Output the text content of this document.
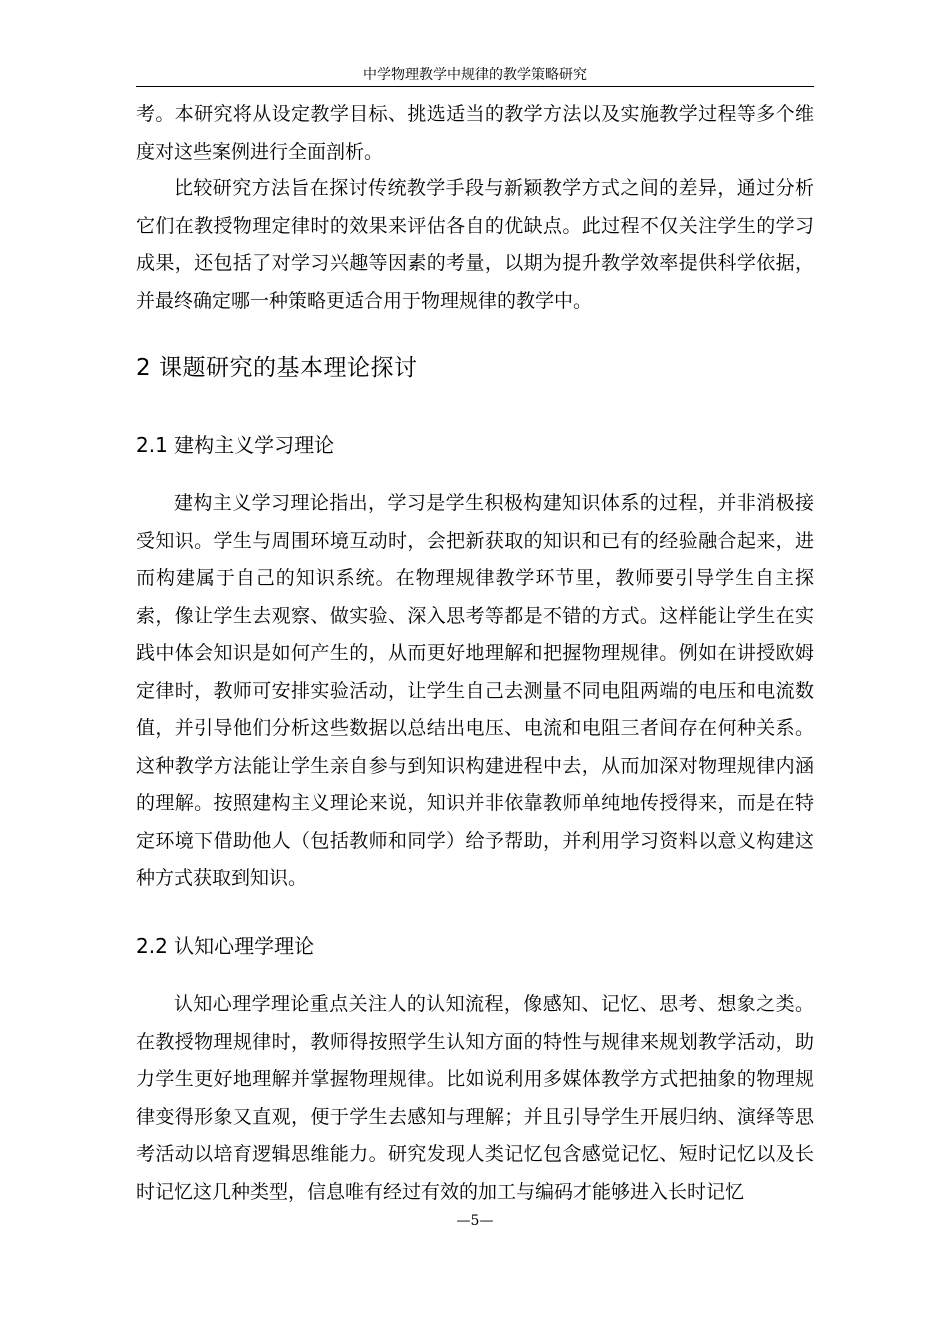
中学物理教学中规律的教学策略研究

考。本研究将从设定教学目标、挑选适当的教学方法以及实施教学过程等多个维度对这些案例进行全面剖析。

比较研究方法旨在探讨传统教学手段与新颖教学方式之间的差异，通过分析它们在教授物理定律时的效果来评估各自的优缺点。此过程不仅关注学生的学习成果，还包括了对学习兴趣等因素的考量，以期为提升教学效率提供科学依据，并最终确定哪一种策略更适合用于物理规律的教学中。

2 课题研究的基本理论探讨
2.1 建构主义学习理论

建构主义学习理论指出，学习是学生积极构建知识体系的过程，并非消极接受知识。学生与周围环境互动时，会把新获取的知识和已有的经验融合起来，进而构建属于自己的知识系统。在物理规律教学环节里，教师要引导学生自主探索，像让学生去观察、做实验、深入思考等都是不错的方式。这样能让学生在实践中体会知识是如何产生的，从而更好地理解和把握物理规律。例如在讲授欧姆定律时，教师可安排实验活动，让学生自己去测量不同电阻两端的电压和电流数值，并引导他们分析这些数据以总结出电压、电流和电阻三者间存在何种关系。这种教学方法能让学生亲自参与到知识构建进程中去，从而加深对物理规律内涵的理解。按照建构主义理论来说，知识并非依靠教师单纯地传授得来，而是在特定环境下借助他人（包括教师和同学）给予帮助，并利用学习资料以意义构建这种方式获取到知识。

2.2 认知心理学理论

认知心理学理论重点关注人的认知流程，像感知、记忆、思考、想象之类。在教授物理规律时，教师得按照学生认知方面的特性与规律来规划教学活动，助力学生更好地理解并掌握物理规律。比如说利用多媒体教学方式把抽象的物理规律变得形象又直观，便于学生去感知与理解；并且引导学生开展归纳、演绎等思考活动以培育逻辑思维能力。研究发现人类记忆包含感觉记忆、短时记忆以及长时记忆这几种类型，信息唯有经过有效的加工与编码才能够进入长时记忆

—5—
